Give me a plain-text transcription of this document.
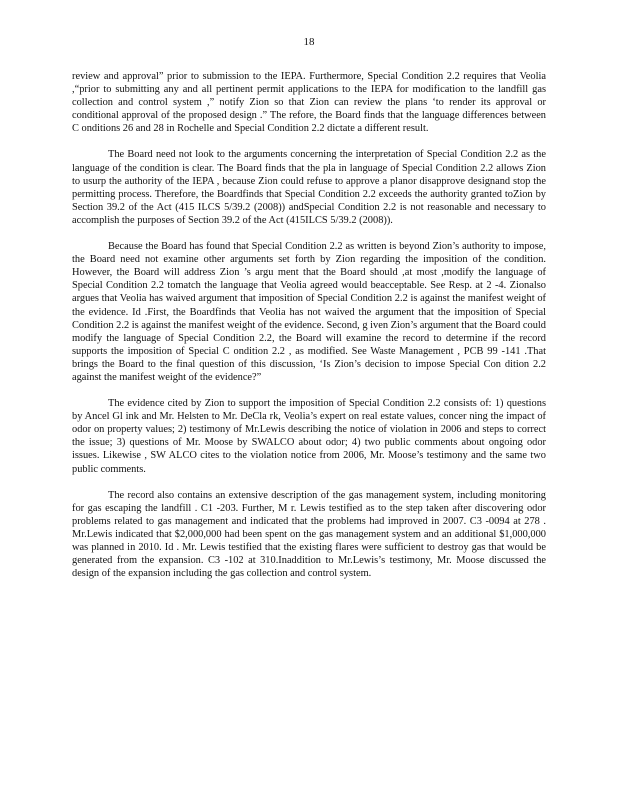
18

review and approval” prior to submission to the IEPA. Furthermore, Special Condition 2.2 requires that Veolia ,“prior to submitting any and all pertinent permit applications to the IEPA for modification to the landfill gas collection and control system ,” notify Zion so that Zion can review the plans ‘to render its approval or conditional approval of the proposed design .” The refore, the Board finds that the language differences between C onditions 26 and 28 in Rochelle and Special Condition 2.2 dictate a different result.

The Board need not look to the arguments concerning the interpretation of Special Condition 2.2 as the language of the condition is clear. The Board finds that the pla in language of Special Condition 2.2 allows Zion to usurp the authority of the IEPA , because Zion could refuse to approve a planor disapprove designand stop the permitting process. Therefore, the Boardfinds that Special Condition 2.2 exceeds the authority granted toZion by Section 39.2 of the Act (415 ILCS 5/39.2 (2008)) andSpecial Condition 2.2 is not reasonable and necessary to accomplish the purposes of Section 39.2 of the Act (415ILCS 5/39.2 (2008)).

Because the Board has found that Special Condition 2.2 as written is beyond Zion’s authority to impose, the Board need not examine other arguments set forth by Zion regarding the imposition of the condition. However, the Board will address Zion ’s argu ment that the Board should ,at most ,modify the language of Special Condition 2.2 tomatch the language that Veolia agreed would beacceptable. See Resp. at 2 -4. Zionalso argues that Veolia has waived argument that imposition of Special Condition 2.2 is against the manifest weight of the evidence. Id .First, the Boardfinds that Veolia has not waived the argument that the imposition of Special Condition 2.2 is against the manifest weight of the evidence. Second, g iven Zion’s argument that the Board could modify the language of Special Condition 2.2, the Board will examine the record to determine if the record supports the imposition of Special C ondition 2.2 , as modified. See Waste Management , PCB 99 -141 .That brings the Board to the final question of this discussion, ‘Is Zion’s decision to impose Special Con dition 2.2 against the manifest weight of the evidence?”

The evidence cited by Zion to support the imposition of Special Condition 2.2 consists of: 1) questions by Ancel Gl ink and Mr. Helsten to Mr. DeCla rk, Veolia’s expert on real estate values, concer ning the impact of odor on property values; 2) testimony of Mr.Lewis describing the notice of violation in 2006 and steps to correct the issue; 3) questions of Mr. Moose by SWALCO about odor; 4) two public comments about ongoing odor issues. Likewise , SW ALCO cites to the violation notice from 2006, Mr. Moose’s testimony and the same two public comments.

The record also contains an extensive description of the gas management system, including monitoring for gas escaping the landfill . C1 -203. Further, M r. Lewis testified as to the step taken after discovering odor problems related to gas management and indicated that the problems had improved in 2007. C3 -0094 at 278 . Mr.Lewis indicated that $2,000,000 had been spent on the gas management system and an additional $1,000,000 was planned in 2010. Id . Mr. Lewis testified that the existing flares were sufficient to destroy gas that would be generated from the expansion. C3 -102 at 310.Inaddition to Mr.Lewis’s testimony, Mr. Moose discussed the design of the expansion including the gas collection and control system.
